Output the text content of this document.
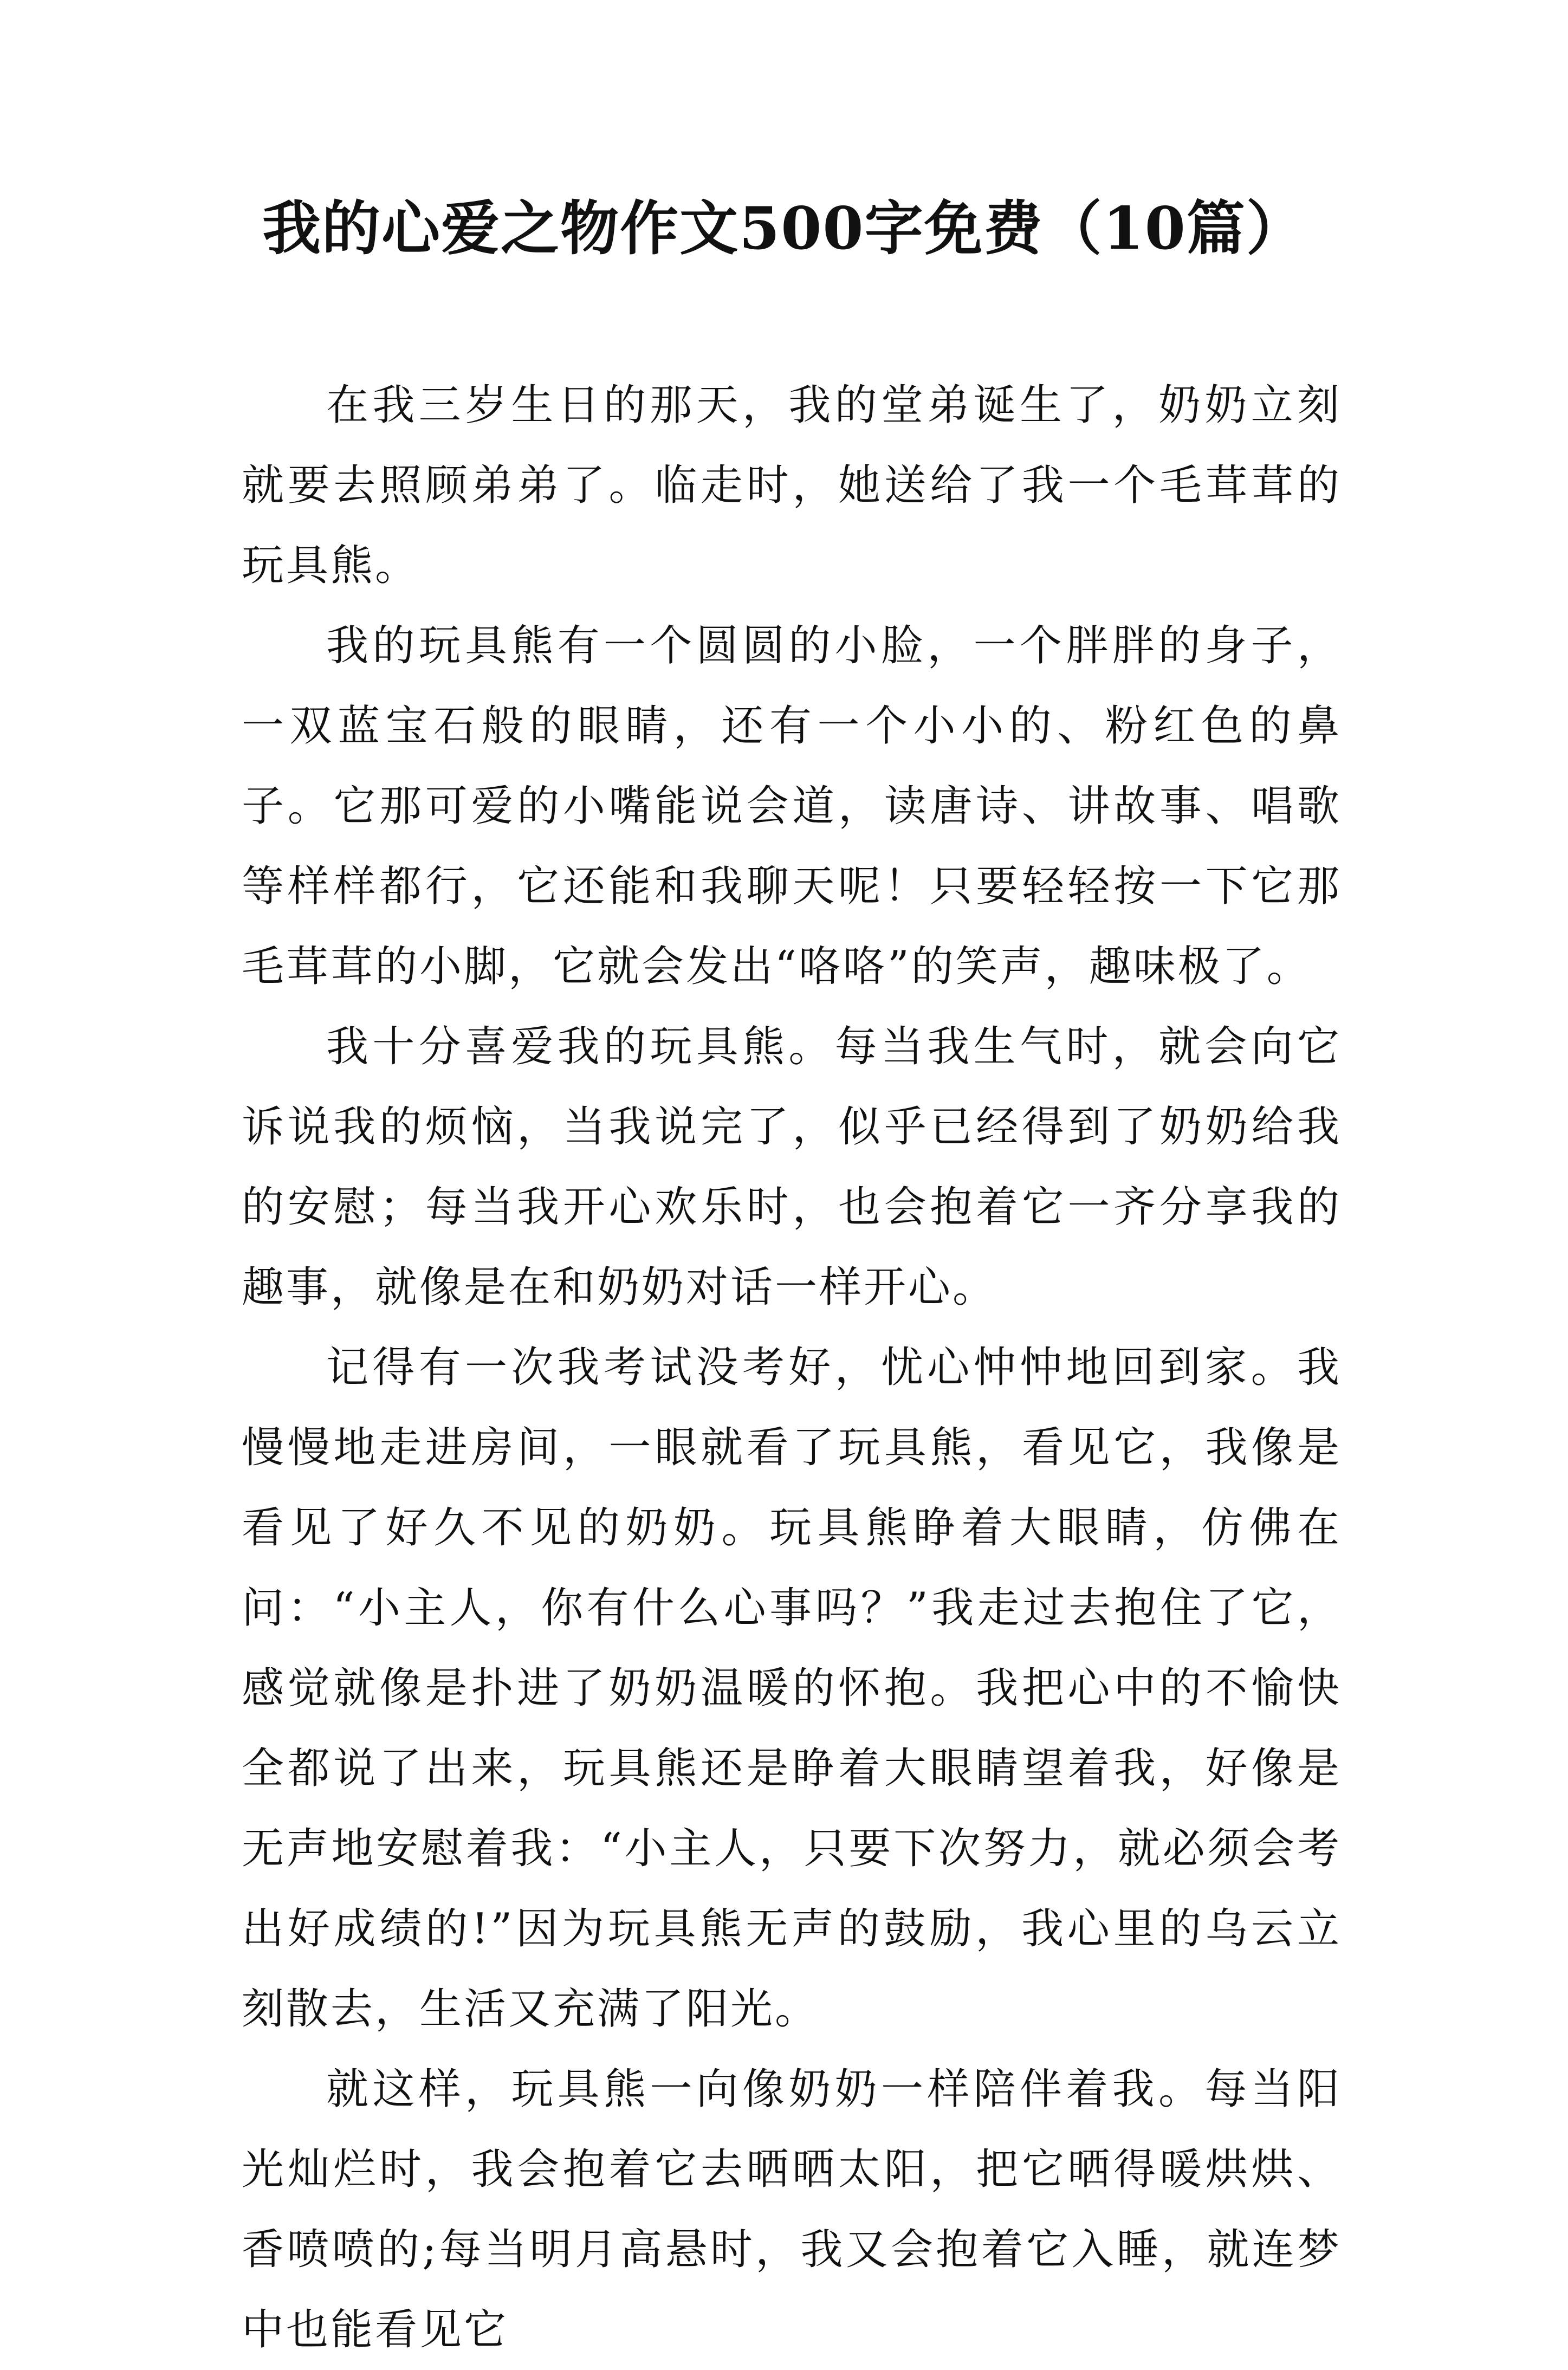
我的心爱之物作文500字免费（10篇）

在我三岁生日的那天，我的堂弟诞生了，奶奶立刻就要去照顾弟弟了。临走时，她送给了我一个毛茸茸的玩具熊。

我的玩具熊有一个圆圆的小脸，一个胖胖的身子，一双蓝宝石般的眼睛，还有一个小小的、粉红色的鼻子。它那可爱的小嘴能说会道，读唐诗、讲故事、唱歌等样样都行，它还能和我聊天呢！只要轻轻按一下它那毛茸茸的小脚，它就会发出“咯咯”的笑声，趣味极了。

我十分喜爱我的玩具熊。每当我生气时，就会向它诉说我的烦恼，当我说完了，似乎已经得到了奶奶给我的安慰；每当我开心欢乐时，也会抱着它一齐分享我的趣事，就像是在和奶奶对话一样开心。

记得有一次我考试没考好，忧心忡忡地回到家。我慢慢地走进房间，一眼就看了玩具熊，看见它，我像是看见了好久不见的奶奶。玩具熊睁着大眼睛，仿佛在问：“小主人，你有什么心事吗？”我走过去抱住了它，感觉就像是扑进了奶奶温暖的怀抱。我把心中的不愉快全都说了出来，玩具熊还是睁着大眼睛望着我，好像是无声地安慰着我：“小主人，只要下次努力，就必须会考出好成绩的!”因为玩具熊无声的鼓励，我心里的乌云立刻散去，生活又充满了阳光。

就这样，玩具熊一向像奶奶一样陪伴着我。每当阳光灿烂时，我会抱着它去晒晒太阳，把它晒得暖烘烘、香喷喷的;每当明月高悬时，我又会抱着它入睡，就连梦中也能看见它
